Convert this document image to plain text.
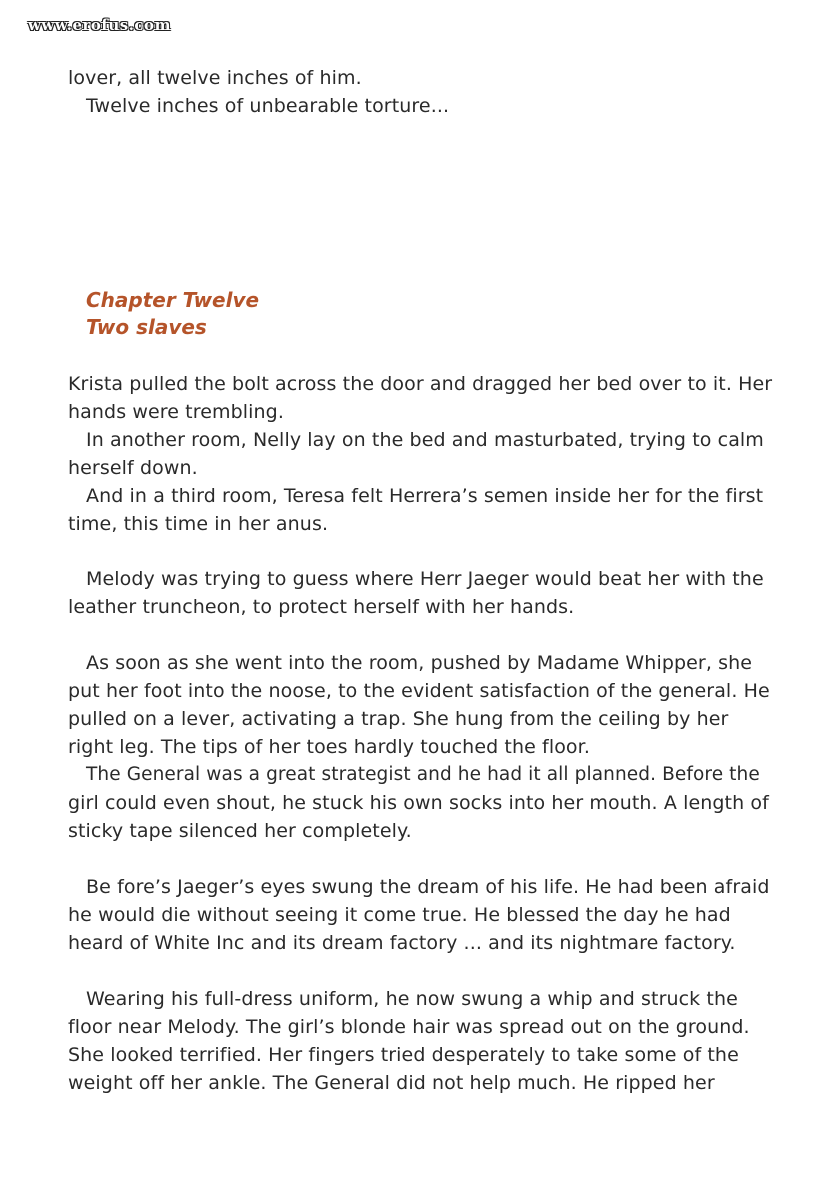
www.erofus.com
lover, all twelve inches of him.
Twelve inches of unbearable torture...
Chapter Twelve
Two slaves
Krista pulled the bolt across the door and dragged her bed over to it. Her
hands were trembling.
In another room, Nelly lay on the bed and masturbated, trying to calm
herself down.
And in a third room, Teresa felt Herrera’s semen inside her for the first
time, this time in her anus.
Melody was trying to guess where Herr Jaeger would beat her with the
leather truncheon, to protect herself with her hands.
As soon as she went into the room, pushed by Madame Whipper, she
put her foot into the noose, to the evident satisfaction of the general. He
pulled on a lever, activating a trap. She hung from the ceiling by her
right leg. The tips of her toes hardly touched the floor.
The General was a great strategist and he had it all planned. Before the
girl could even shout, he stuck his own socks into her mouth. A length of
sticky tape silenced her completely.
Be fore’s Jaeger’s eyes swung the dream of his life. He had been afraid
he would die without seeing it come true. He blessed the day he had
heard of White Inc and its dream factory ... and its nightmare factory.
Wearing his full-dress uniform, he now swung a whip and struck the
floor near Melody. The girl’s blonde hair was spread out on the ground.
She looked terrified. Her fingers tried desperately to take some of the
weight off her ankle. The General did not help much. He ripped her
